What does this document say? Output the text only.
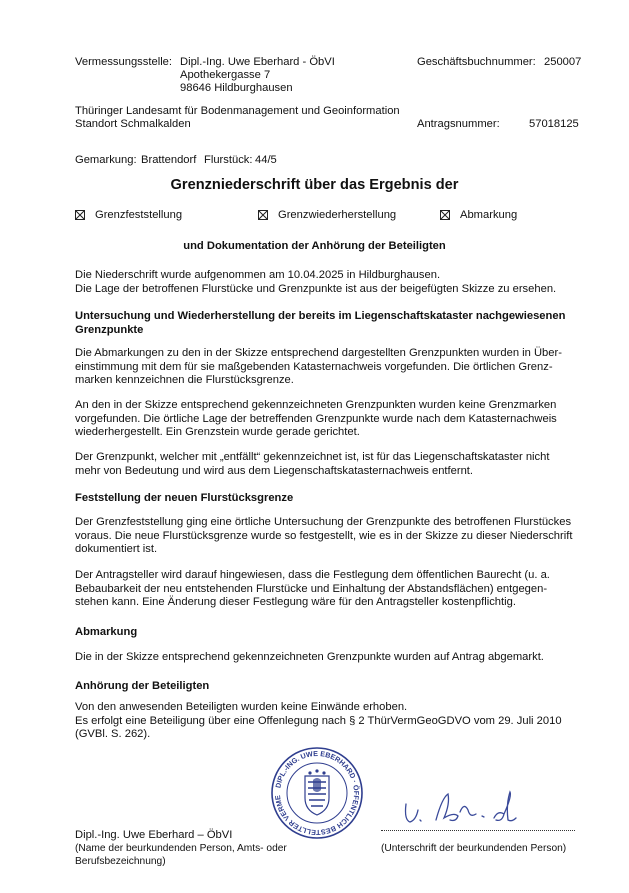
Vermessungsstelle: Dipl.-Ing. Uwe Eberhard - ÖbVI
Apothekergasse 7
98646 Hildburghausen
Geschäftsbuchnummer: 250007
Thüringer Landesamt für Bodenmanagement und Geoinformation
Standort Schmalkalden	Antragsnummer:	57018125
Gemarkung: Brattendorf Flurstück: 44/5
Grenzniederschrift über das Ergebnis der
Grenzfeststellung	Grenzwiederherstellung	Abmarkung
und Dokumentation der Anhörung der Beteiligten
Die Niederschrift wurde aufgenommen am 10.04.2025 in Hildburghausen.
Die Lage der betroffenen Flurstücke und Grenzpunkte ist aus der beigefügten Skizze zu ersehen.
Untersuchung und Wiederherstellung der bereits im Liegenschaftskataster nachgewiesenen
Grenzpunkte
Die Abmarkungen zu den in der Skizze entsprechend dargestellten Grenzpunkten wurden in Über-
einstimmung mit dem für sie maßgebenden Katasternachweis vorgefunden. Die örtlichen Grenz-
marken kennzeichnen die Flurstücksgrenze.
An den in der Skizze entsprechend gekennzeichneten Grenzpunkten wurden keine Grenzmarken
vorgefunden. Die örtliche Lage der betreffenden Grenzpunkte wurde nach dem Katasternachweis
wiederhergestellt. Ein Grenzstein wurde gerade gerichtet.
Der Grenzpunkt, welcher mit „entfällt“ gekennzeichnet ist, ist für das Liegenschaftskataster nicht
mehr von Bedeutung und wird aus dem Liegenschaftskatasternachweis entfernt.
Feststellung der neuen Flurstücksgrenze
Der Grenzfeststellung ging eine örtliche Untersuchung der Grenzpunkte des betroffenen Flurstückes
voraus. Die neue Flurstücksgrenze wurde so festgestellt, wie es in der Skizze zu dieser Niederschrift
dokumentiert ist.
Der Antragsteller wird darauf hingewiesen, dass die Festlegung dem öffentlichen Baurecht (u. a.
Bebaubarkeit der neu entstehenden Flurstücke und Einhaltung der Abstandsflächen) entgegen-
stehen kann. Eine Änderung dieser Festlegung wäre für den Antragsteller kostenpflichtig.
Abmarkung
Die in der Skizze entsprechend gekennzeichneten Grenzpunkte wurden auf Antrag abgemarkt.
Anhörung der Beteiligten
Von den anwesenden Beteiligten wurden keine Einwände erhoben.
Es erfolgt eine Beteiligung über eine Offenlegung nach § 2 ThürVermGeoGDVO vom 29. Juli 2010
(GVBl. S. 262).
DIPL.-ING. UWE EBERHARD · ÖFFENTLICH BESTELLTER VERME
Dipl.-Ing. Uwe Eberhard – ÖbVI
(Name der beurkundenden Person, Amts- oder
Berufsbezeichnung)
(Unterschrift der beurkundenden Person)
